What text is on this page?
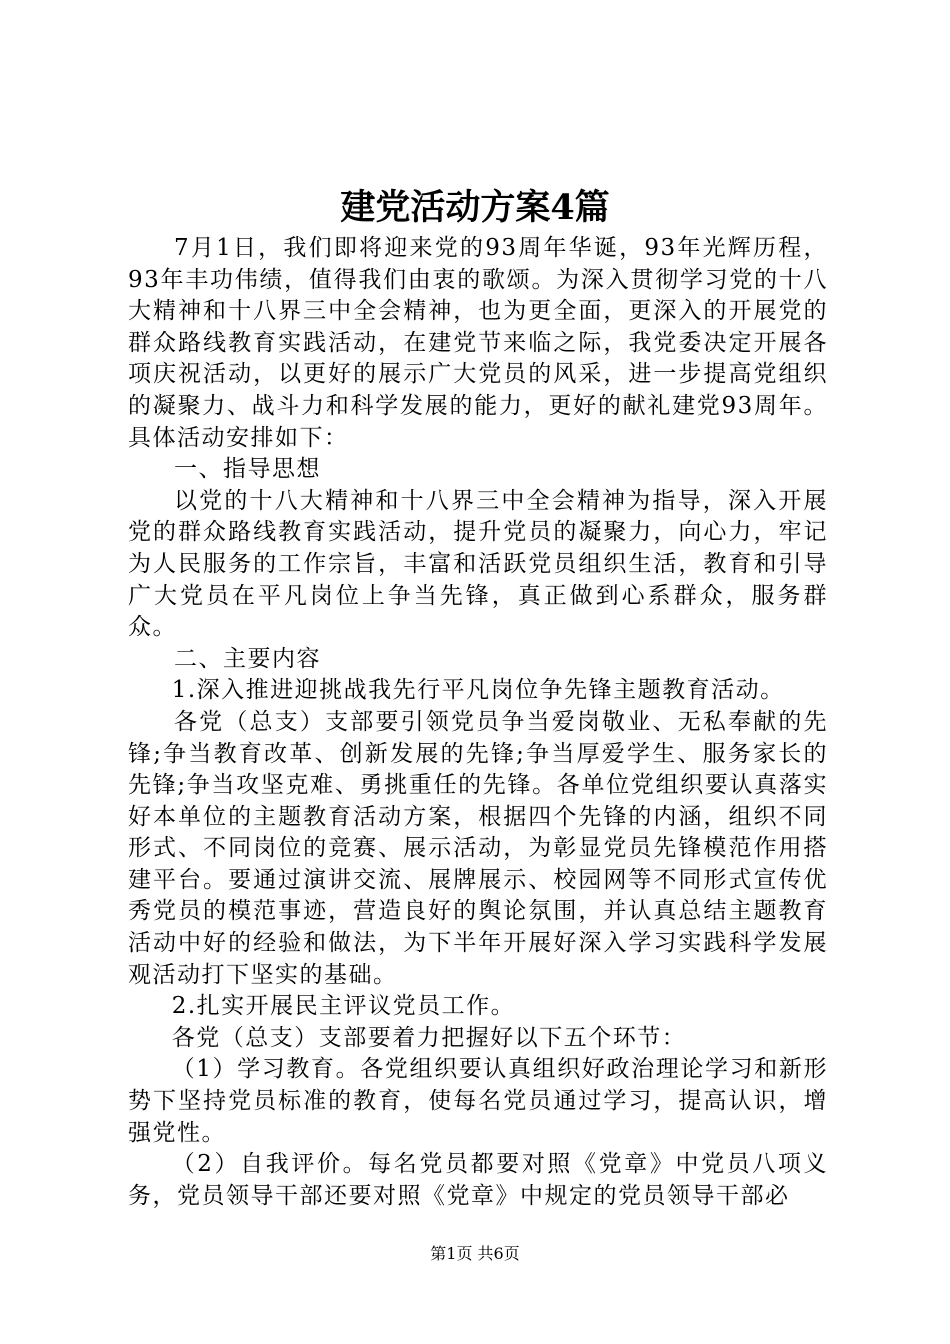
建党活动方案4篇

7月1日，我们即将迎来党的93周年华诞，93年光辉历程，93年丰功伟绩，值得我们由衷的歌颂。为深入贯彻学习党的十八大精神和十八界三中全会精神，也为更全面，更深入的开展党的群众路线教育实践活动，在建党节来临之际，我党委决定开展各项庆祝活动，以更好的展示广大党员的风采，进一步提高党组织的凝聚力、战斗力和科学发展的能力，更好的献礼建党93周年。具体活动安排如下：

一、指导思想

以党的十八大精神和十八界三中全会精神为指导，深入开展党的群众路线教育实践活动，提升党员的凝聚力，向心力，牢记为人民服务的工作宗旨，丰富和活跃党员组织生活，教育和引导广大党员在平凡岗位上争当先锋，真正做到心系群众，服务群众。

二、主要内容

1.深入推进迎挑战我先行平凡岗位争先锋主题教育活动。

各党（总支）支部要引领党员争当爱岗敬业、无私奉献的先锋;争当教育改革、创新发展的先锋;争当厚爱学生、服务家长的先锋;争当攻坚克难、勇挑重任的先锋。各单位党组织要认真落实好本单位的主题教育活动方案，根据四个先锋的内涵，组织不同形式、不同岗位的竞赛、展示活动，为彰显党员先锋模范作用搭建平台。要通过演讲交流、展牌展示、校园网等不同形式宣传优秀党员的模范事迹，营造良好的舆论氛围，并认真总结主题教育活动中好的经验和做法，为下半年开展好深入学习实践科学发展观活动打下坚实的基础。

2.扎实开展民主评议党员工作。

各党（总支）支部要着力把握好以下五个环节：

（1）学习教育。各党组织要认真组织好政治理论学习和新形势下坚持党员标准的教育，使每名党员通过学习，提高认识，增强党性。

（2）自我评价。每名党员都要对照《党章》中党员八项义务，党员领导干部还要对照《党章》中规定的党员领导干部必

第1页 共6页
